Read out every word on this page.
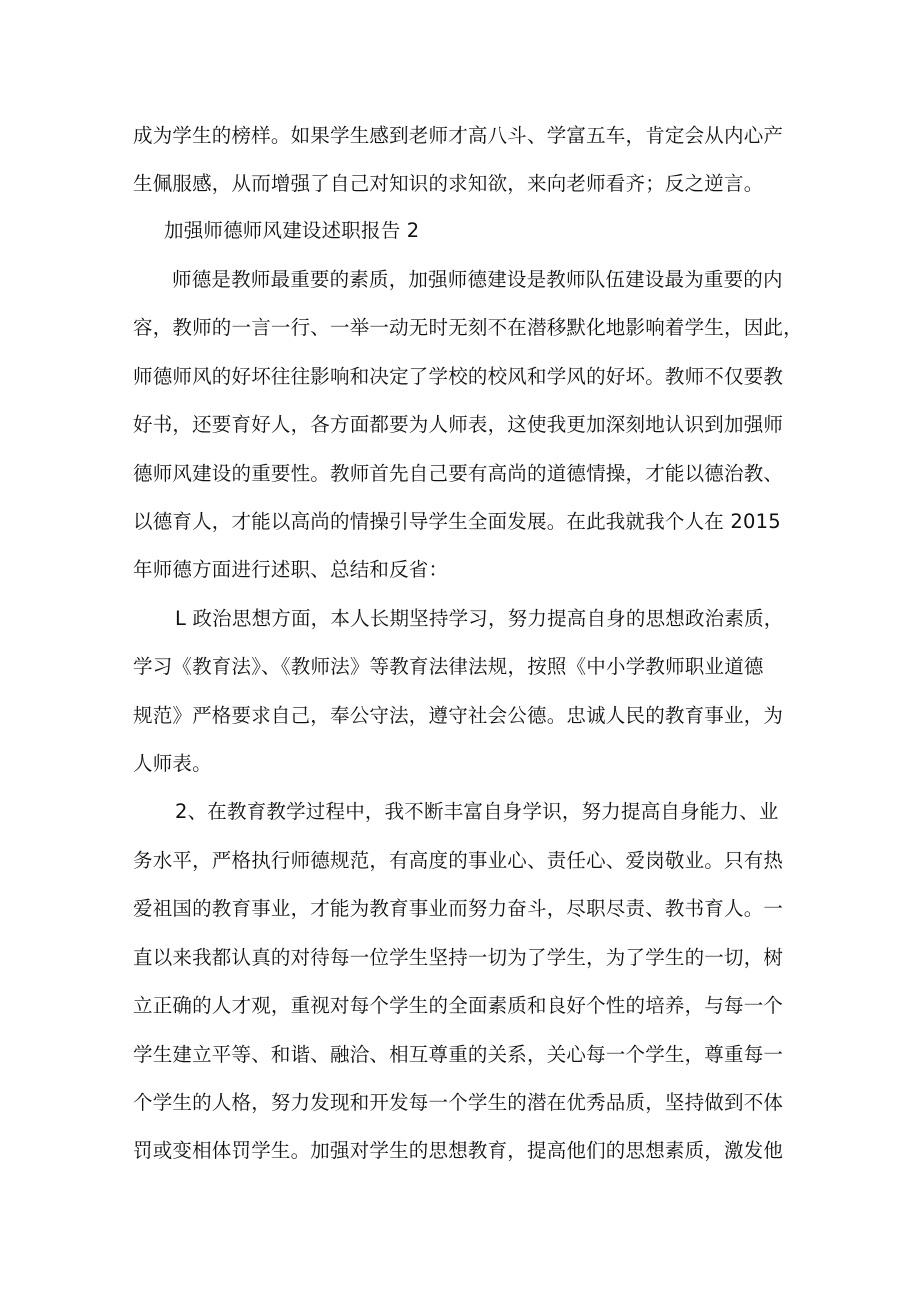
成为学生的榜样。如果学生感到老师才高八斗、学富五车，肯定会从内心产
生佩服感，从而增强了自己对知识的求知欲，来向老师看齐；反之逆言。
加强师德师风建设述职报告 2
师德是教师最重要的素质，加强师德建设是教师队伍建设最为重要的内
容，教师的一言一行、一举一动无时无刻不在潜移默化地影响着学生，因此，
师德师风的好坏往往影响和决定了学校的校风和学风的好坏。教师不仅要教
好书，还要育好人，各方面都要为人师表，这使我更加深刻地认识到加强师
德师风建设的重要性。教师首先自己要有高尚的道德情操，才能以德治教、
以德育人，才能以高尚的情操引导学生全面发展。在此我就我个人在 2015
年师德方面进行述职、总结和反省：
L 政治思想方面，本人长期坚持学习，努力提高自身的思想政治素质，
学习《教育法》、《教师法》等教育法律法规，按照《中小学教师职业道德
规范》严格要求自己，奉公守法，遵守社会公德。忠诚人民的教育事业，为
人师表。
2、在教育教学过程中，我不断丰富自身学识，努力提高自身能力、业
务水平，严格执行师德规范，有高度的事业心、责任心、爱岗敬业。只有热
爱祖国的教育事业，才能为教育事业而努力奋斗，尽职尽责、教书育人。一
直以来我都认真的对待每一位学生坚持一切为了学生，为了学生的一切，树
立正确的人才观，重视对每个学生的全面素质和良好个性的培养，与每一个
学生建立平等、和谐、融洽、相互尊重的关系，关心每一个学生，尊重每一
个学生的人格，努力发现和开发每一个学生的潜在优秀品质，坚持做到不体
罚或变相体罚学生。加强对学生的思想教育，提高他们的思想素质，激发他
